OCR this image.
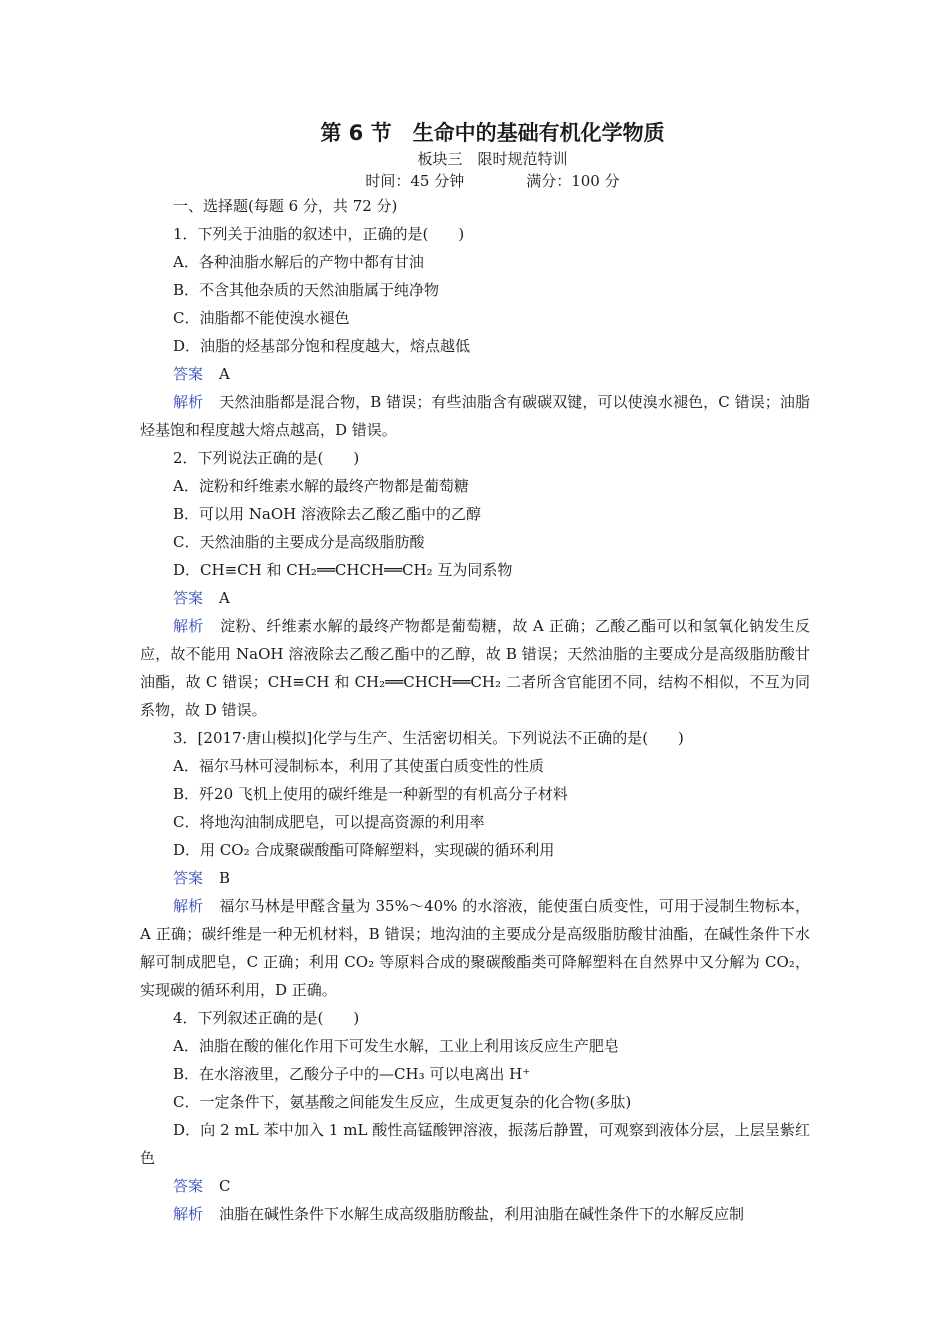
第 6 节　生命中的基础有机化学物质
板块三　限时规范特训
时间：45 分钟	满分：100 分
一、选择题(每题 6 分，共 72 分)
1．下列关于油脂的叙述中，正确的是(　　)
A．各种油脂水解后的产物中都有甘油
B．不含其他杂质的天然油脂属于纯净物
C．油脂都不能使溴水褪色
D．油脂的烃基部分饱和程度越大，熔点越低
答案 A
解析 天然油脂都是混合物，B 错误；有些油脂含有碳碳双键，可以使溴水褪色，C 错误；油脂烃基饱和程度越大熔点越高，D 错误。
2．下列说法正确的是(　　)
A．淀粉和纤维素水解的最终产物都是葡萄糖
B．可以用 NaOH 溶液除去乙酸乙酯中的乙醇
C．天然油脂的主要成分是高级脂肪酸
D．CH≡CH 和 CH₂══CHCH══CH₂ 互为同系物
答案 A
解析 淀粉、纤维素水解的最终产物都是葡萄糖，故 A 正确；乙酸乙酯可以和氢氧化钠发生反应，故不能用 NaOH 溶液除去乙酸乙酯中的乙醇，故 B 错误；天然油脂的主要成分是高级脂肪酸甘油酯，故 C 错误；CH≡CH 和 CH₂══CHCH══CH₂ 二者所含官能团不同，结构不相似，不互为同系物，故 D 错误。
3．[2017·唐山模拟]化学与生产、生活密切相关。下列说法不正确的是(　　)
A．福尔马林可浸制标本，利用了其使蛋白质变性的性质
B．歼20 飞机上使用的碳纤维是一种新型的有机高分子材料
C．将地沟油制成肥皂，可以提高资源的利用率
D．用 CO₂ 合成聚碳酸酯可降解塑料，实现碳的循环利用
答案 B
解析 福尔马林是甲醛含量为 35%～40% 的水溶液，能使蛋白质变性，可用于浸制生物标本，A 正确；碳纤维是一种无机材料，B 错误；地沟油的主要成分是高级脂肪酸甘油酯，在碱性条件下水解可制成肥皂，C 正确；利用 CO₂ 等原料合成的聚碳酸酯类可降解塑料在自然界中又分解为 CO₂，实现碳的循环利用，D 正确。
4．下列叙述正确的是(　　)
A．油脂在酸的催化作用下可发生水解，工业上利用该反应生产肥皂
B．在水溶液里，乙酸分子中的—CH₃ 可以电离出 H⁺
C．一定条件下，氨基酸之间能发生反应，生成更复杂的化合物(多肽)
D．向 2 mL 苯中加入 1 mL 酸性高锰酸钾溶液，振荡后静置，可观察到液体分层，上层呈紫红色
答案 C
解析 油脂在碱性条件下水解生成高级脂肪酸盐，利用油脂在碱性条件下的水解反应制
